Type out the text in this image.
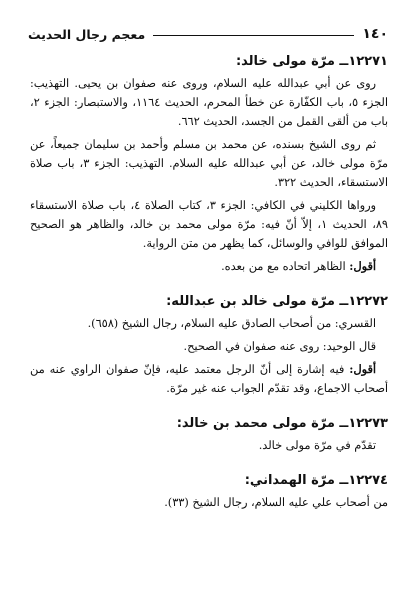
١٤٠
معجم رجال الحديث
١٢٢٧١ــ مرّة مولى خالد:

روى عن أبي عبدالله عليه السلام، وروى عنه صفوان بن يحيى. التهذيب: الجزء ٥، باب الكفّارة عن خطأ المحرم، الحديث ١١٦٤، والاستبصار: الجزء ٢، باب من ألقى القمل من الجسد، الحديث ٦٦٢.

ثم روى الشيخ بسنده، عن محمد بن مسلم وأحمد بن سليمان جميعاً، عن مرّة مولى خالد، عن أبي عبدالله عليه السلام. التهذيب: الجزء ٣، باب صلاة الاستسقاء، الحديث ٣٢٢.

ورواها الكليني في الكافي: الجزء ٣، كتاب الصلاة ٤، باب صلاة الاستسقاء ٨٩، الحديث ١، إلاّ أنّ فيه: مرّة مولى محمد بن خالد، والظاهر هو الصحيح الموافق للوافي والوسائل، كما يظهر من متن الرواية.

أقول: الظاهر اتحاده مع من بعده.

١٢٢٧٢ــ مرّة مولى خالد بن عبدالله:

القسري: من أصحاب الصادق عليه السلام، رجال الشيخ (٦٥٨).

قال الوحيد: روى عنه صفوان في الصحيح.

أقول: فيه إشارة إلى أنّ الرجل معتمد عليه، فإنّ صفوان الراوي عنه من أصحاب الاجماع، وقد تقدّم الجواب عنه غير مرّة.

١٢٢٧٣ــ مرّة مولى محمد بن خالد:

تقدّم في مرّة مولى خالد.

١٢٢٧٤ــ مرّة الهمداني:

من أصحاب علي عليه السلام، رجال الشيخ (٣٣).
